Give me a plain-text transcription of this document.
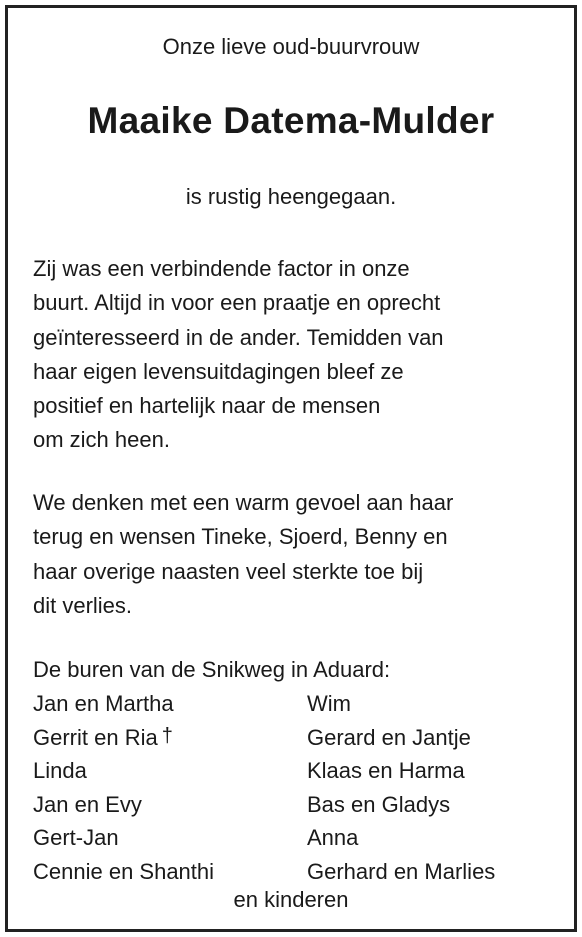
Onze lieve oud-buurvrouw
Maaike Datema-Mulder
is rustig heengegaan.
Zij was een verbindende factor in onze
buurt. Altijd in voor een praatje en oprecht
geïnteresseerd in de ander. Temidden van
haar eigen levensuitdagingen bleef ze
positief en hartelijk naar de mensen
om zich heen.
We denken met een warm gevoel aan haar
terug en wensen Tineke, Sjoerd, Benny en
haar overige naasten veel sterkte toe bij
dit verlies.
De buren van de Snikweg in Aduard:
Jan en Martha	Wim
Gerrit en Ria †	Gerard en Jantje
Linda	Klaas en Harma
Jan en Evy	Bas en Gladys
Gert-Jan	Anna
Cennie en Shanthi	Gerhard en Marlies
en kinderen
